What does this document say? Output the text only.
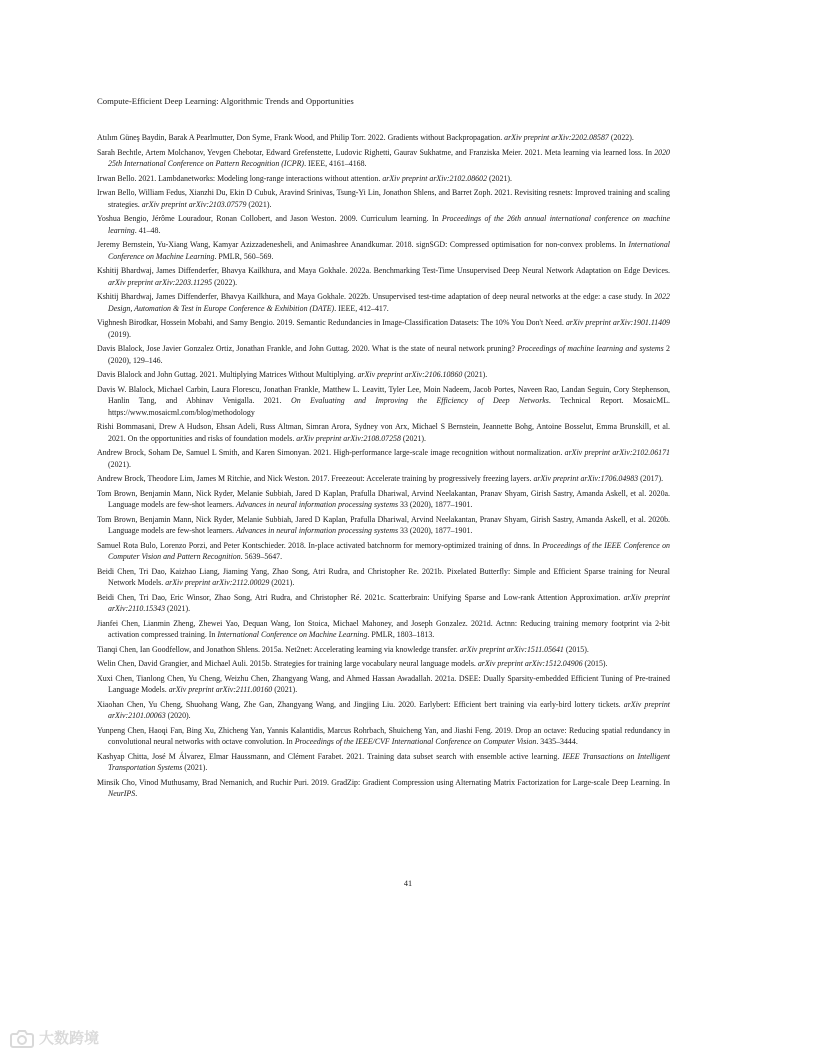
Compute-Efficient Deep Learning: Algorithmic Trends and Opportunities
Atılım Güneş Baydin, Barak A Pearlmutter, Don Syme, Frank Wood, and Philip Torr. 2022. Gradients without Backpropagation. arXiv preprint arXiv:2202.08587 (2022).
Sarah Bechtle, Artem Molchanov, Yevgen Chebotar, Edward Grefenstette, Ludovic Righetti, Gaurav Sukhatme, and Franziska Meier. 2021. Meta learning via learned loss. In 2020 25th International Conference on Pattern Recognition (ICPR). IEEE, 4161–4168.
Irwan Bello. 2021. Lambdanetworks: Modeling long-range interactions without attention. arXiv preprint arXiv:2102.08602 (2021).
Irwan Bello, William Fedus, Xianzhi Du, Ekin D Cubuk, Aravind Srinivas, Tsung-Yi Lin, Jonathon Shlens, and Barret Zoph. 2021. Revisiting resnets: Improved training and scaling strategies. arXiv preprint arXiv:2103.07579 (2021).
Yoshua Bengio, Jérôme Louradour, Ronan Collobert, and Jason Weston. 2009. Curriculum learning. In Proceedings of the 26th annual international conference on machine learning. 41–48.
Jeremy Bernstein, Yu-Xiang Wang, Kamyar Azizzadenesheli, and Animashree Anandkumar. 2018. signSGD: Compressed optimisation for non-convex problems. In International Conference on Machine Learning. PMLR, 560–569.
Kshitij Bhardwaj, James Diffenderfer, Bhavya Kailkhura, and Maya Gokhale. 2022a. Benchmarking Test-Time Unsupervised Deep Neural Network Adaptation on Edge Devices. arXiv preprint arXiv:2203.11295 (2022).
Kshitij Bhardwaj, James Diffenderfer, Bhavya Kailkhura, and Maya Gokhale. 2022b. Unsupervised test-time adaptation of deep neural networks at the edge: a case study. In 2022 Design, Automation & Test in Europe Conference & Exhibition (DATE). IEEE, 412–417.
Vighnesh Birodkar, Hossein Mobahi, and Samy Bengio. 2019. Semantic Redundancies in Image-Classification Datasets: The 10% You Don't Need. arXiv preprint arXiv:1901.11409 (2019).
Davis Blalock, Jose Javier Gonzalez Ortiz, Jonathan Frankle, and John Guttag. 2020. What is the state of neural network pruning? Proceedings of machine learning and systems 2 (2020), 129–146.
Davis Blalock and John Guttag. 2021. Multiplying Matrices Without Multiplying. arXiv preprint arXiv:2106.10860 (2021).
Davis W. Blalock, Michael Carbin, Laura Florescu, Jonathan Frankle, Matthew L. Leavitt, Tyler Lee, Moin Nadeem, Jacob Portes, Naveen Rao, Landan Seguin, Cory Stephenson, Hanlin Tang, and Abhinav Venigalla. 2021. On Evaluating and Improving the Efficiency of Deep Networks. Technical Report. MosaicML. https://www.mosaicml.com/blog/methodology
Rishi Bommasani, Drew A Hudson, Ehsan Adeli, Russ Altman, Simran Arora, Sydney von Arx, Michael S Bernstein, Jeannette Bohg, Antoine Bosselut, Emma Brunskill, et al. 2021. On the opportunities and risks of foundation models. arXiv preprint arXiv:2108.07258 (2021).
Andrew Brock, Soham De, Samuel L Smith, and Karen Simonyan. 2021. High-performance large-scale image recognition without normalization. arXiv preprint arXiv:2102.06171 (2021).
Andrew Brock, Theodore Lim, James M Ritchie, and Nick Weston. 2017. Freezeout: Accelerate training by progressively freezing layers. arXiv preprint arXiv:1706.04983 (2017).
Tom Brown, Benjamin Mann, Nick Ryder, Melanie Subbiah, Jared D Kaplan, Prafulla Dhariwal, Arvind Neelakantan, Pranav Shyam, Girish Sastry, Amanda Askell, et al. 2020a. Language models are few-shot learners. Advances in neural information processing systems 33 (2020), 1877–1901.
Tom Brown, Benjamin Mann, Nick Ryder, Melanie Subbiah, Jared D Kaplan, Prafulla Dhariwal, Arvind Neelakantan, Pranav Shyam, Girish Sastry, Amanda Askell, et al. 2020b. Language models are few-shot learners. Advances in neural information processing systems 33 (2020), 1877–1901.
Samuel Rota Bulo, Lorenzo Porzi, and Peter Kontschieder. 2018. In-place activated batchnorm for memory-optimized training of dnns. In Proceedings of the IEEE Conference on Computer Vision and Pattern Recognition. 5639–5647.
Beidi Chen, Tri Dao, Kaizhao Liang, Jiaming Yang, Zhao Song, Atri Rudra, and Christopher Re. 2021b. Pixelated Butterfly: Simple and Efficient Sparse training for Neural Network Models. arXiv preprint arXiv:2112.00029 (2021).
Beidi Chen, Tri Dao, Eric Winsor, Zhao Song, Atri Rudra, and Christopher Ré. 2021c. Scatterbrain: Unifying Sparse and Low-rank Attention Approximation. arXiv preprint arXiv:2110.15343 (2021).
Jianfei Chen, Lianmin Zheng, Zhewei Yao, Dequan Wang, Ion Stoica, Michael Mahoney, and Joseph Gonzalez. 2021d. Actnn: Reducing training memory footprint via 2-bit activation compressed training. In International Conference on Machine Learning. PMLR, 1803–1813.
Tianqi Chen, Ian Goodfellow, and Jonathon Shlens. 2015a. Net2net: Accelerating learning via knowledge transfer. arXiv preprint arXiv:1511.05641 (2015).
Welin Chen, David Grangier, and Michael Auli. 2015b. Strategies for training large vocabulary neural language models. arXiv preprint arXiv:1512.04906 (2015).
Xuxi Chen, Tianlong Chen, Yu Cheng, Weizhu Chen, Zhangyang Wang, and Ahmed Hassan Awadallah. 2021a. DSEE: Dually Sparsity-embedded Efficient Tuning of Pre-trained Language Models. arXiv preprint arXiv:2111.00160 (2021).
Xiaohan Chen, Yu Cheng, Shuohang Wang, Zhe Gan, Zhangyang Wang, and Jingjing Liu. 2020. Earlybert: Efficient bert training via early-bird lottery tickets. arXiv preprint arXiv:2101.00063 (2020).
Yunpeng Chen, Haoqi Fan, Bing Xu, Zhicheng Yan, Yannis Kalantidis, Marcus Rohrbach, Shuicheng Yan, and Jiashi Feng. 2019. Drop an octave: Reducing spatial redundancy in convolutional neural networks with octave convolution. In Proceedings of the IEEE/CVF International Conference on Computer Vision. 3435–3444.
Kashyap Chitta, José M Álvarez, Elmar Haussmann, and Clément Farabet. 2021. Training data subset search with ensemble active learning. IEEE Transactions on Intelligent Transportation Systems (2021).
Minsik Cho, Vinod Muthusamy, Brad Nemanich, and Ruchir Puri. 2019. GradZip: Gradient Compression using Alternating Matrix Factorization for Large-scale Deep Learning. In NeurIPS.
41
大数跨境
